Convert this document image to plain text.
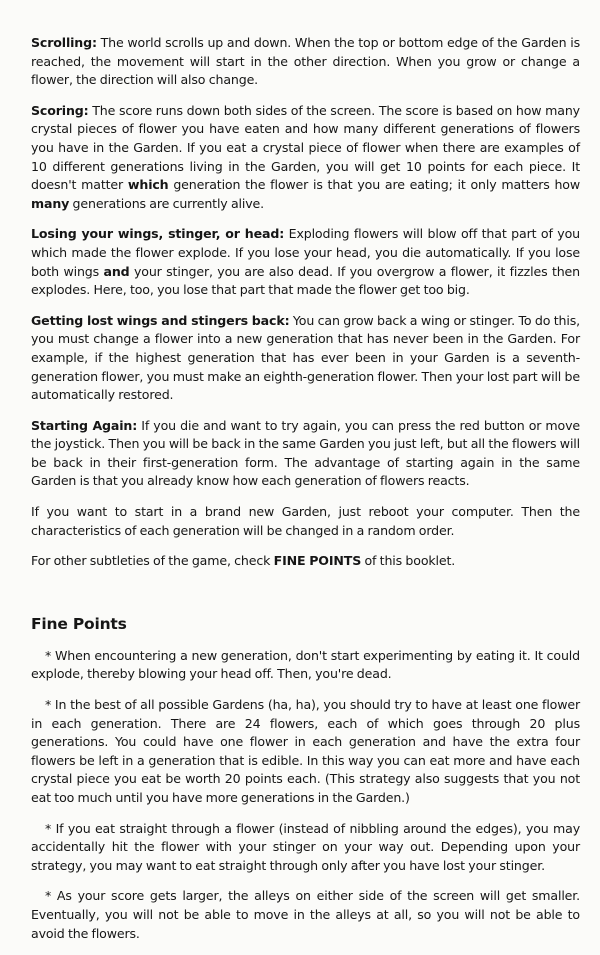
Scrolling: The world scrolls up and down. When the top or bottom edge of the Garden is reached, the movement will start in the other direction. When you grow or change a flower, the direction will also change.

Scoring: The score runs down both sides of the screen. The score is based on how many crystal pieces of flower you have eaten and how many different generations of flowers you have in the Garden. If you eat a crystal piece of flower when there are examples of 10 different generations living in the Garden, you will get 10 points for each piece. It doesn't matter which generation the flower is that you are eating; it only matters how many generations are currently alive.

Losing your wings, stinger, or head: Exploding flowers will blow off that part of you which made the flower explode. If you lose your head, you die automatically. If you lose both wings and your stinger, you are also dead. If you overgrow a flower, it fizzles then explodes. Here, too, you lose that part that made the flower get too big.

Getting lost wings and stingers back: You can grow back a wing or stinger. To do this, you must change a flower into a new generation that has never been in the Garden. For example, if the highest generation that has ever been in your Garden is a seventh-generation flower, you must make an eighth-generation flower. Then your lost part will be automatically restored.

Starting Again: If you die and want to try again, you can press the red button or move the joystick. Then you will be back in the same Garden you just left, but all the flowers will be back in their first-generation form. The advantage of starting again in the same Garden is that you already know how each generation of flowers reacts.

If you want to start in a brand new Garden, just reboot your computer. Then the characteristics of each generation will be changed in a random order.

For other subtleties of the game, check FINE POINTS of this booklet.

Fine Points

* When encountering a new generation, don't start experimenting by eating it. It could explode, thereby blowing your head off. Then, you're dead.

* In the best of all possible Gardens (ha, ha), you should try to have at least one flower in each generation. There are 24 flowers, each of which goes through 20 plus generations. You could have one flower in each generation and have the extra four flowers be left in a generation that is edible. In this way you can eat more and have each crystal piece you eat be worth 20 points each. (This strategy also suggests that you not eat too much until you have more generations in the Garden.)

* If you eat straight through a flower (instead of nibbling around the edges), you may accidentally hit the flower with your stinger on your way out. Depending upon your strategy, you may want to eat straight through only after you have lost your stinger.

* As your score gets larger, the alleys on either side of the screen will get smaller. Eventually, you will not be able to move in the alleys at all, so you will not be able to avoid the flowers.
